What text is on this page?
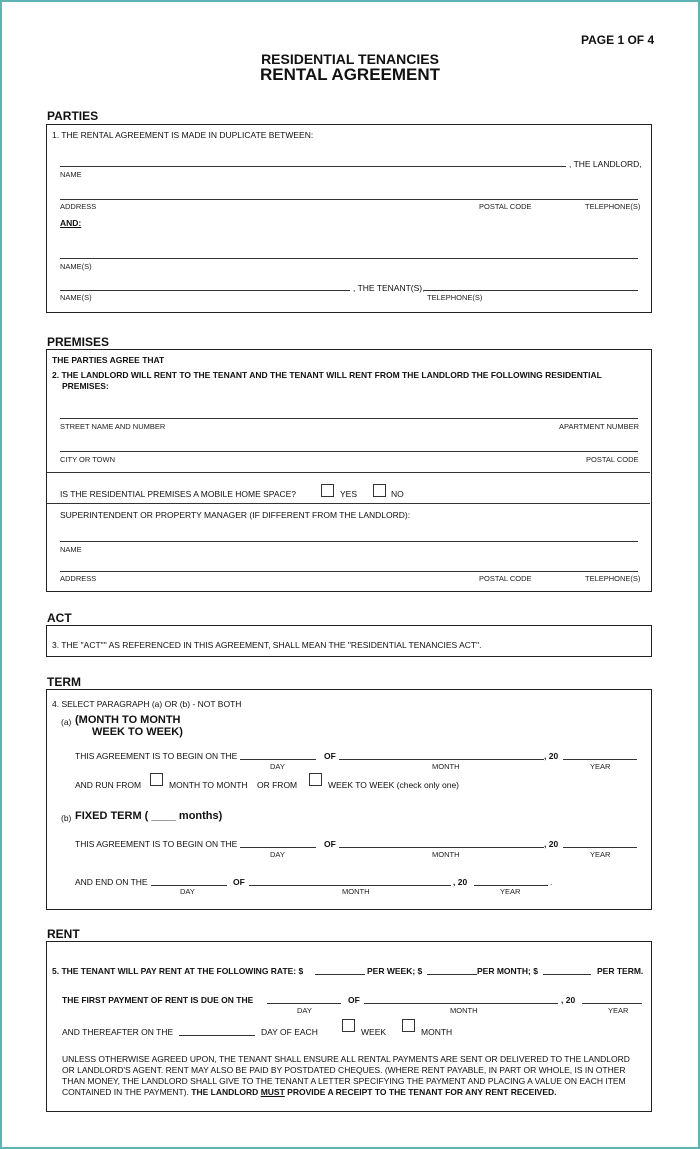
PAGE 1 OF 4
RESIDENTIAL TENANCIES
RENTAL AGREEMENT
PARTIES
1. THE RENTAL AGREEMENT IS MADE IN DUPLICATE BETWEEN:
, THE LANDLORD,
NAME
ADDRESS	POSTAL CODE	TELEPHONE(S)
AND:
NAME(S)
, THE TENANT(S),
NAME(S)	TELEPHONE(S)
PREMISES
THE PARTIES AGREE THAT
2. THE LANDLORD WILL RENT TO THE TENANT AND THE TENANT WILL RENT FROM THE LANDLORD THE FOLLOWING RESIDENTIAL
PREMISES:
STREET NAME AND NUMBER	APARTMENT NUMBER
CITY OR TOWN	POSTAL CODE
IS THE RESIDENTIAL PREMISES A MOBILE HOME SPACE?	YES	NO
SUPERINTENDENT OR PROPERTY MANAGER (IF DIFFERENT FROM THE LANDLORD):
NAME
ADDRESS	POSTAL CODE	TELEPHONE(S)
ACT
3. THE "ACT"" AS REFERENCED IN THIS AGREEMENT, SHALL MEAN THE "RESIDENTIAL TENANCIES ACT".
TERM
4. SELECT PARAGRAPH (a) OR (b) - NOT BOTH
(a) (MONTH TO MONTH
WEEK TO WEEK)
THIS AGREEMENT IS TO BEGIN ON THE	OF	, 20
DAY	MONTH	YEAR
AND RUN FROM	MONTH TO MONTH OR FROM	WEEK TO WEEK (check only one)
(b) FIXED TERM ( ____ months)
THIS AGREEMENT IS TO BEGIN ON THE	OF	, 20
DAY	MONTH	YEAR
AND END ON THE	OF	, 20	.
DAY	MONTH	YEAR
RENT
5. THE TENANT WILL PAY RENT AT THE FOLLOWING RATE: $	PER WEEK; $	PER MONTH; $	PER TERM.
THE FIRST PAYMENT OF RENT IS DUE ON THE	OF	, 20
DAY	MONTH	YEAR
AND THEREAFTER ON THE	DAY OF EACH	WEEK	MONTH
UNLESS OTHERWISE AGREED UPON, THE TENANT SHALL ENSURE ALL RENTAL PAYMENTS ARE SENT OR DELIVERED TO THE LANDLORD
OR LANDLORD'S AGENT. RENT MAY ALSO BE PAID BY POSTDATED CHEQUES. (WHERE RENT PAYABLE, IN PART OR WHOLE, IS IN OTHER
THAN MONEY, THE LANDLORD SHALL GIVE TO THE TENANT A LETTER SPECIFYING THE PAYMENT AND PLACING A VALUE ON EACH ITEM
CONTAINED IN THE PAYMENT). THE LANDLORD MUST PROVIDE A RECEIPT TO THE TENANT FOR ANY RENT RECEIVED.
